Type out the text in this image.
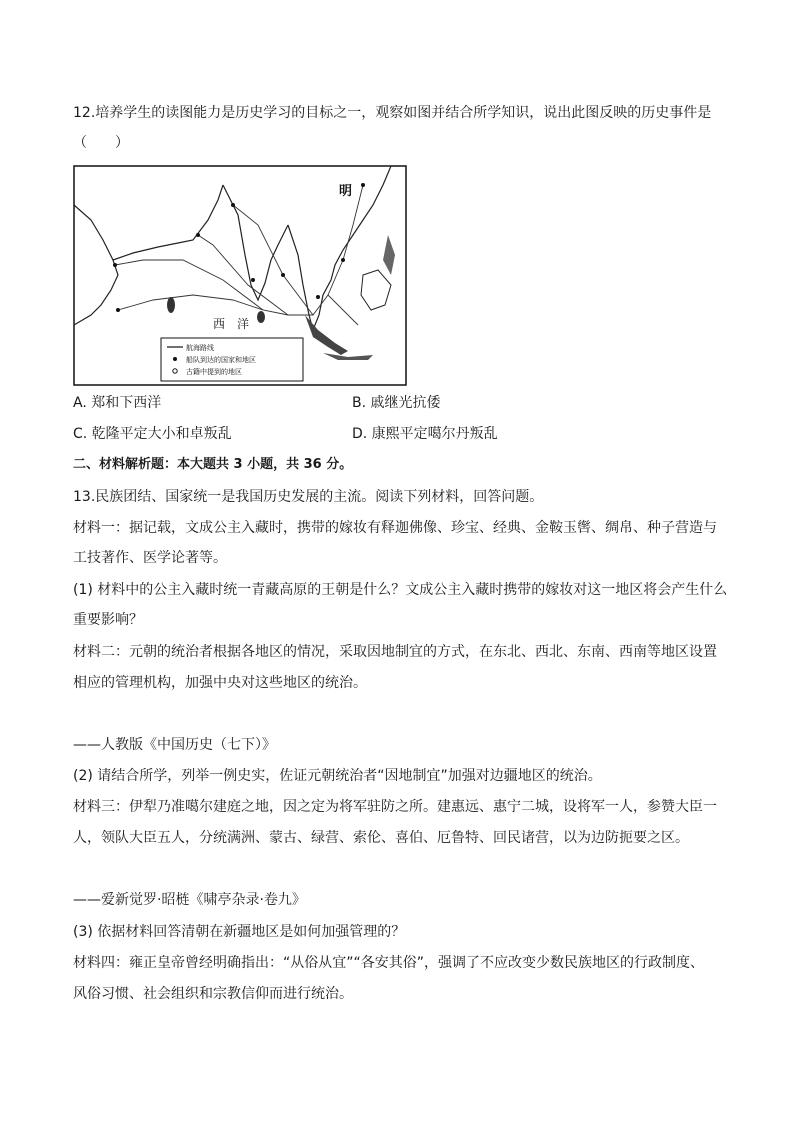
12.培养学生的读图能力是历史学习的目标之一，观察如图并结合所学知识，说出此图反映的历史事件是
（　　）
明
西　洋
航海路线
船队到达的国家和地区
古籍中提到的地区
A. 郑和下西洋	B. 戚继光抗倭
C. 乾隆平定大小和卓叛乱	D. 康熙平定噶尔丹叛乱
二、材料解析题：本大题共 3 小题，共 36 分。
13.民族团结、国家统一是我国历史发展的主流。阅读下列材料，回答问题。
材料一：据记载，文成公主入藏时，携带的嫁妆有释迦佛像、珍宝、经典、金鞍玉辔、绸帛、种子营造与
工技著作、医学论著等。
(1) 材料中的公主入藏时统一青藏高原的王朝是什么？文成公主入藏时携带的嫁妆对这一地区将会产生什么
重要影响？
材料二：元朝的统治者根据各地区的情况，采取因地制宜的方式，在东北、西北、东南、西南等地区设置
相应的管理机构，加强中央对这些地区的统治。
——人教版《中国历史（七下）》
(2) 请结合所学，列举一例史实，佐证元朝统治者“因地制宜”加强对边疆地区的统治。
材料三：伊犁乃准噶尔建庭之地，因之定为将军驻防之所。建惠远、惠宁二城，设将军一人，参赞大臣一
人，领队大臣五人，分统满洲、蒙古、绿营、索伦、喜伯、厄鲁特、回民诸营，以为边防扼要之区。
——爱新觉罗·昭梿《啸亭杂录·卷九》
(3) 依据材料回答清朝在新疆地区是如何加强管理的？
材料四：雍正皇帝曾经明确指出：“从俗从宜”“各安其俗”，强调了不应改变少数民族地区的行政制度、
风俗习惯、社会组织和宗教信仰而进行统治。
